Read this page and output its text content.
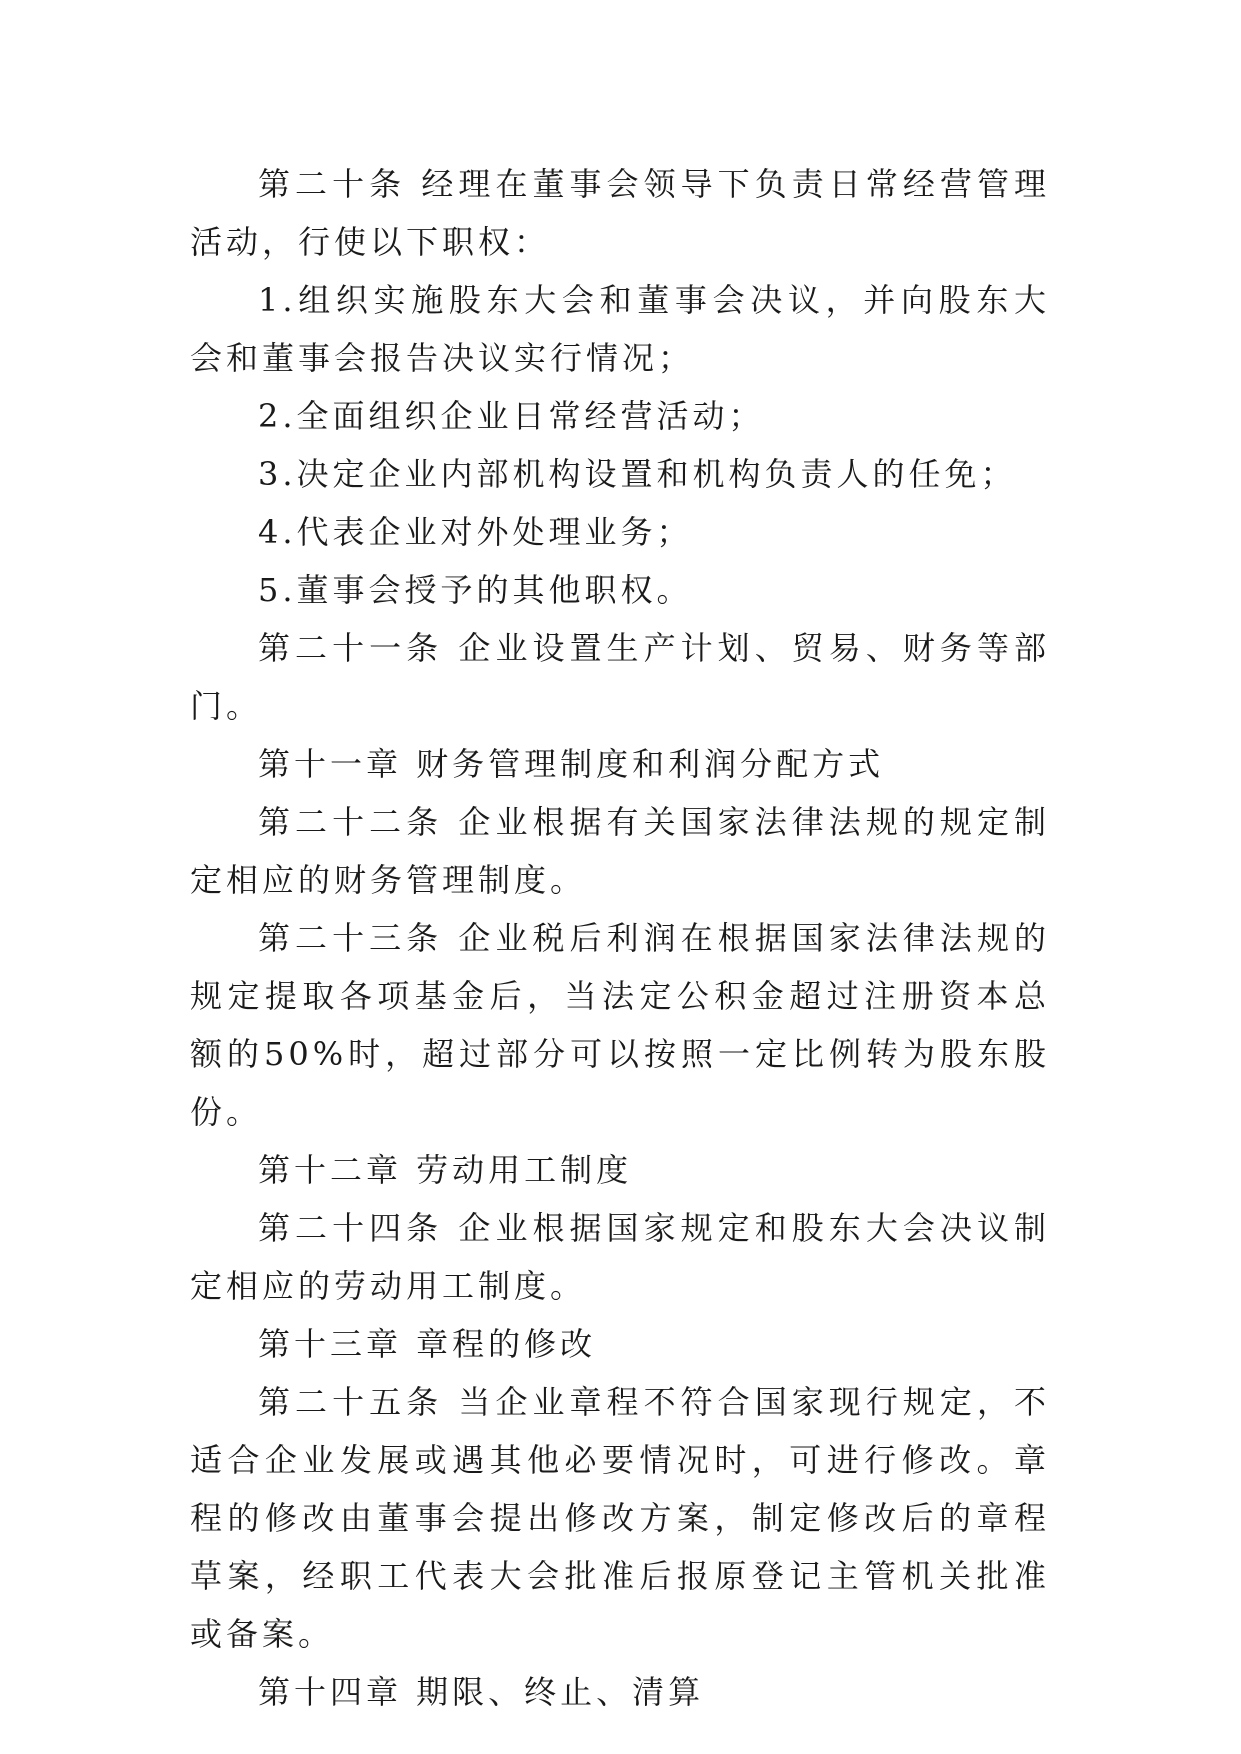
第二十条 经理在董事会领导下负责日常经营管理活动，行使以下职权：

1.组织实施股东大会和董事会决议，并向股东大会和董事会报告决议实行情况；

2.全面组织企业日常经营活动；

3.决定企业内部机构设置和机构负责人的任免；

4.代表企业对外处理业务；

5.董事会授予的其他职权。

第二十一条 企业设置生产计划、贸易、财务等部门。

第十一章 财务管理制度和利润分配方式

第二十二条 企业根据有关国家法律法规的规定制定相应的财务管理制度。

第二十三条 企业税后利润在根据国家法律法规的规定提取各项基金后，当法定公积金超过注册资本总额的50%时，超过部分可以按照一定比例转为股东股份。

第十二章 劳动用工制度

第二十四条 企业根据国家规定和股东大会决议制定相应的劳动用工制度。

第十三章 章程的修改

第二十五条 当企业章程不符合国家现行规定，不适合企业发展或遇其他必要情况时，可进行修改。章程的修改由董事会提出修改方案，制定修改后的章程草案，经职工代表大会批准后报原登记主管机关批准或备案。

第十四章 期限、终止、清算
